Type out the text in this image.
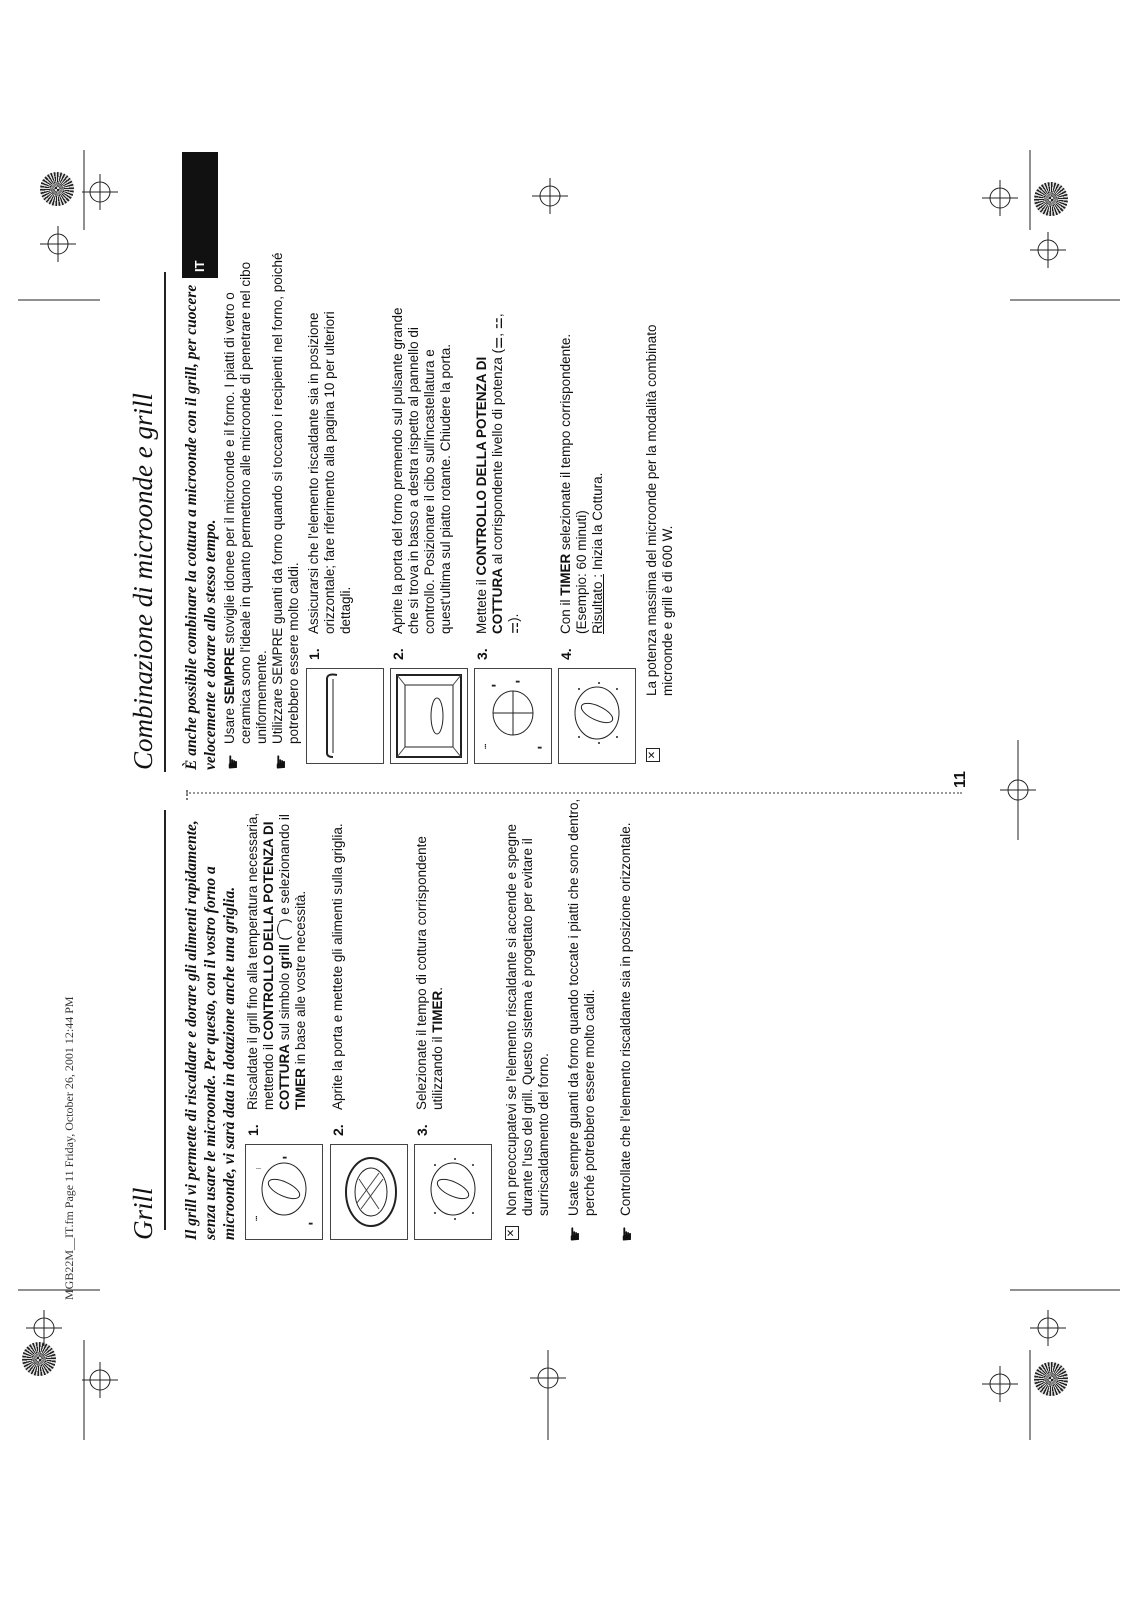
MGB22M__IT.fm Page 11 Friday, October 26, 2001 12:44 PM Grill Il grill vi permette di riscaldare e dorare gli alimenti rapidamente, senza usare le microonde. Per questo, con il vostro forno a microonde, vi sarà data in dotazione anche una griglia.	▪▪▪
|
▮
▮
1.
Riscaldate il grill fino alla temperatura necessaria, mettendo il CONTROLLO DELLA POTENZA DI COTTURA sul simbolo grill (⏜) e selezionando il TIMER in base alle vostre necessità.
2.
Aprite la porta e mettete gli alimenti sulla griglia.
3.
Selezionate il tempo di cottura corrispondente utilizzando il TIMER.
✕
Non preoccupatevi se l'elemento riscaldante si accende e spegne durante l'uso del grill. Questo sistema è progettato per evitare il surriscaldamento del forno.
☛
Usate sempre guanti da forno quando toccate i piatti che sono dentro, perché potrebbero essere molto caldi.
☛
Controllate che l'elemento riscaldante sia in posizione orizzontale.
Combinazione di microonde e grill È anche possibile combinare la cottura a microonde con il grill, per cuocere velocemente e dorare allo stesso tempo. ☛
Usare SEMPRE stoviglie idonee per il microonde e il forno. I piatti di vetro o ceramica sono l'ideale in quanto permettono alle microonde di penetrare nel cibo uniformemente.
☛
Utilizzare SEMPRE guanti da forno quando si toccano i recipienti nel forno, poiché potrebbero essere molto caldi. 1.
Assicurarsi che l'elemento riscaldante sia in posizione orizzontale; fare riferimento alla pagina 10 per ulteriori dettagli.
2.
Aprite la porta del forno premendo sul pulsante grande che si trova in basso a destra rispetto al pannello di controllo. Posizionare il cibo sull'incastellatura e quest'ultima sul piatto rotante. Chiudere la porta.
▪▪▪
▮
▮
▮
3.
Mettete il CONTROLLO DELLA POTENZA DI COTTURA al corrispondente livello di potenza (⚌, ⚍, ⚎).
4.
Con il TIMER selezionate il tempo corrispondente.
(Esempio: 60 minuti)
Risultato : Inizia la Cottura.
✕
La potenza massima del microonde per la modalità combinato microonde e grill è di 600 W.
IT
11
